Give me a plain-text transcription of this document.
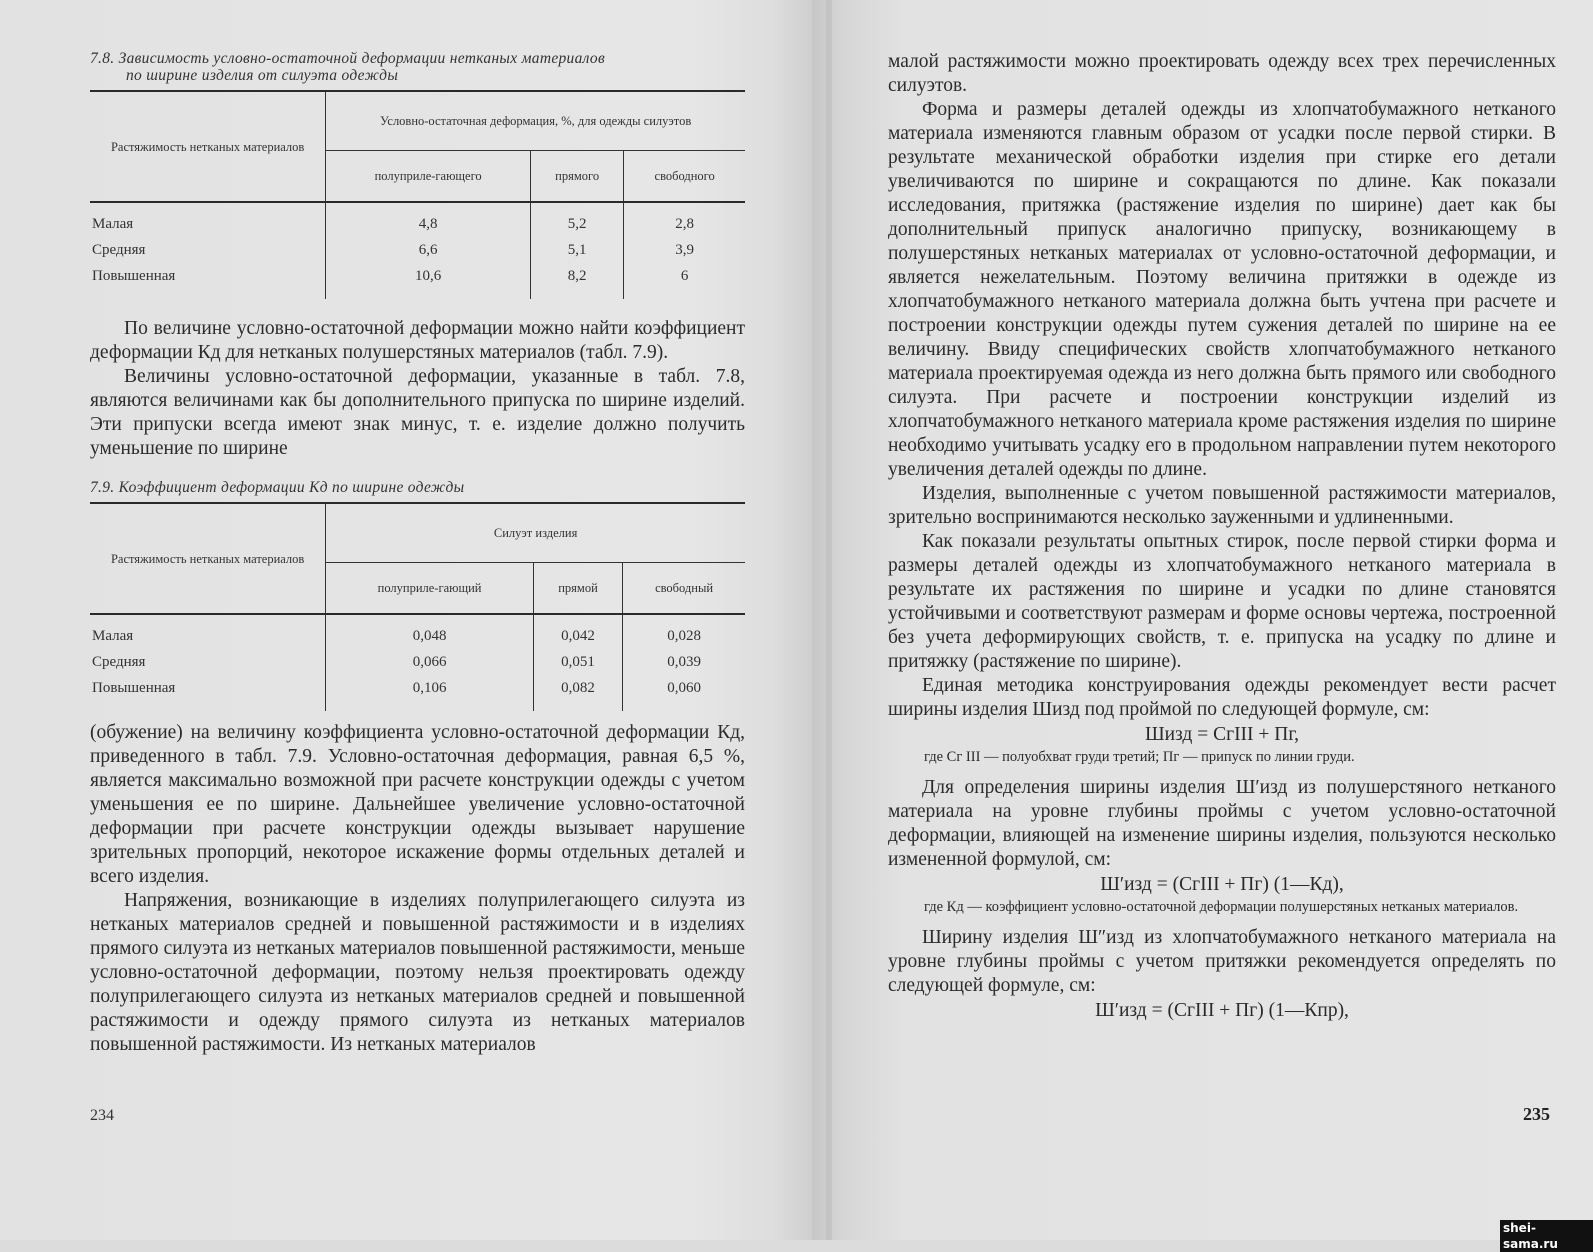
7.8. Зависимость условно-остаточной деформации нетканых материалов
по ширине изделия от силуэта одежды
Растяжимость нетканых материалов	Условно-остаточная деформация, %, для одежды силуэтов		
	полуприле-гающего	прямого	свободного
Малая	4,8	5,2	2,8
Средняя	6,6	5,1	3,9
Повышенная	10,6	8,2	6

По величине условно-остаточной деформации можно найти коэффициент деформации Кд для нетканых полушерстяных материалов (табл. 7.9).

Величины условно-остаточной деформации, указанные в табл. 7.8, являются величинами как бы дополнительного припуска по ширине изделий. Эти припуски всегда имеют знак минус, т. е. изделие должно получить уменьшение по ширине

7.9. Коэффициент деформации Кд по ширине одежды
Растяжимость нетканых материалов	Силуэт изделия		
	полуприле-гающий	прямой	свободный
Малая	0,048	0,042	0,028
Средняя	0,066	0,051	0,039
Повышенная	0,106	0,082	0,060

(обужение) на величину коэффициента условно-остаточной деформации Кд, приведенного в табл. 7.9. Условно-остаточная деформация, равная 6,5 %, является максимально возможной при расчете конструкции одежды с учетом уменьшения ее по ширине. Дальнейшее увеличение условно-остаточной деформации при расчете конструкции одежды вызывает нарушение зрительных пропорций, некоторое искажение формы отдельных деталей и всего изделия.

Напряжения, возникающие в изделиях полуприлегающего силуэта из нетканых материалов средней и повышенной растяжимости и в изделиях прямого силуэта из нетканых материалов повышенной растяжимости, меньше условно-остаточной деформации, поэтому нельзя проектировать одежду полуприлегающего силуэта из нетканых материалов средней и повышенной растяжимости и одежду прямого силуэта из нетканых материалов повышенной растяжимости. Из нетканых материалов

234

малой растяжимости можно проектировать одежду всех трех перечисленных силуэтов.

Форма и размеры деталей одежды из хлопчатобумажного нетканого материала изменяются главным образом от усадки после первой стирки. В результате механической обработки изделия при стирке его детали увеличиваются по ширине и сокращаются по длине. Как показали исследования, притяжка (растяжение изделия по ширине) дает как бы дополнительный припуск аналогично припуску, возникающему в полушерстяных нетканых материалах от условно-остаточной деформации, и является нежелательным. Поэтому величина притяжки в одежде из хлопчатобумажного нетканого материала должна быть учтена при расчете и построении конструкции одежды путем сужения деталей по ширине на ее величину. Ввиду специфических свойств хлопчатобумажного нетканого материала проектируемая одежда из него должна быть прямого или свободного силуэта. При расчете и построении конструкции изделий из хлопчатобумажного нетканого материала кроме растяжения изделия по ширине необходимо учитывать усадку его в продольном направлении путем некоторого увеличения деталей одежды по длине.

Изделия, выполненные с учетом повышенной растяжимости материалов, зрительно воспринимаются несколько зауженными и удлиненными.

Как показали результаты опытных стирок, после первой стирки форма и размеры деталей одежды из хлопчатобумажного нетканого материала в результате их растяжения по ширине и усадки по длине становятся устойчивыми и соответствуют размерам и форме основы чертежа, построенной без учета деформирующих свойств, т. е. припуска на усадку по длине и притяжку (растяжение по ширине).

Единая методика конструирования одежды рекомендует вести расчет ширины изделия Шизд под проймой по следующей формуле, см:

Шизд = СгIII + Пг,

где Сг III — полуобхват груди третий; Пг — припуск по линии груди.

Для определения ширины изделия Ш′изд из полушерстяного нетканого материала на уровне глубины проймы с учетом условно-остаточной деформации, влияющей на изменение ширины изделия, пользуются несколько измененной формулой, см:

Ш′изд = (СгIII + Пг) (1—Кд),

где Кд — коэффициент условно-остаточной деформации полушерстяных нетканых материалов.

Ширину изделия Ш″изд из хлопчатобумажного нетканого материала на уровне глубины проймы с учетом притяжки рекомендуется определять по следующей формуле, см:

Ш′изд = (СгIII + Пг) (1—Кпр),
235
shei-sama.ru
